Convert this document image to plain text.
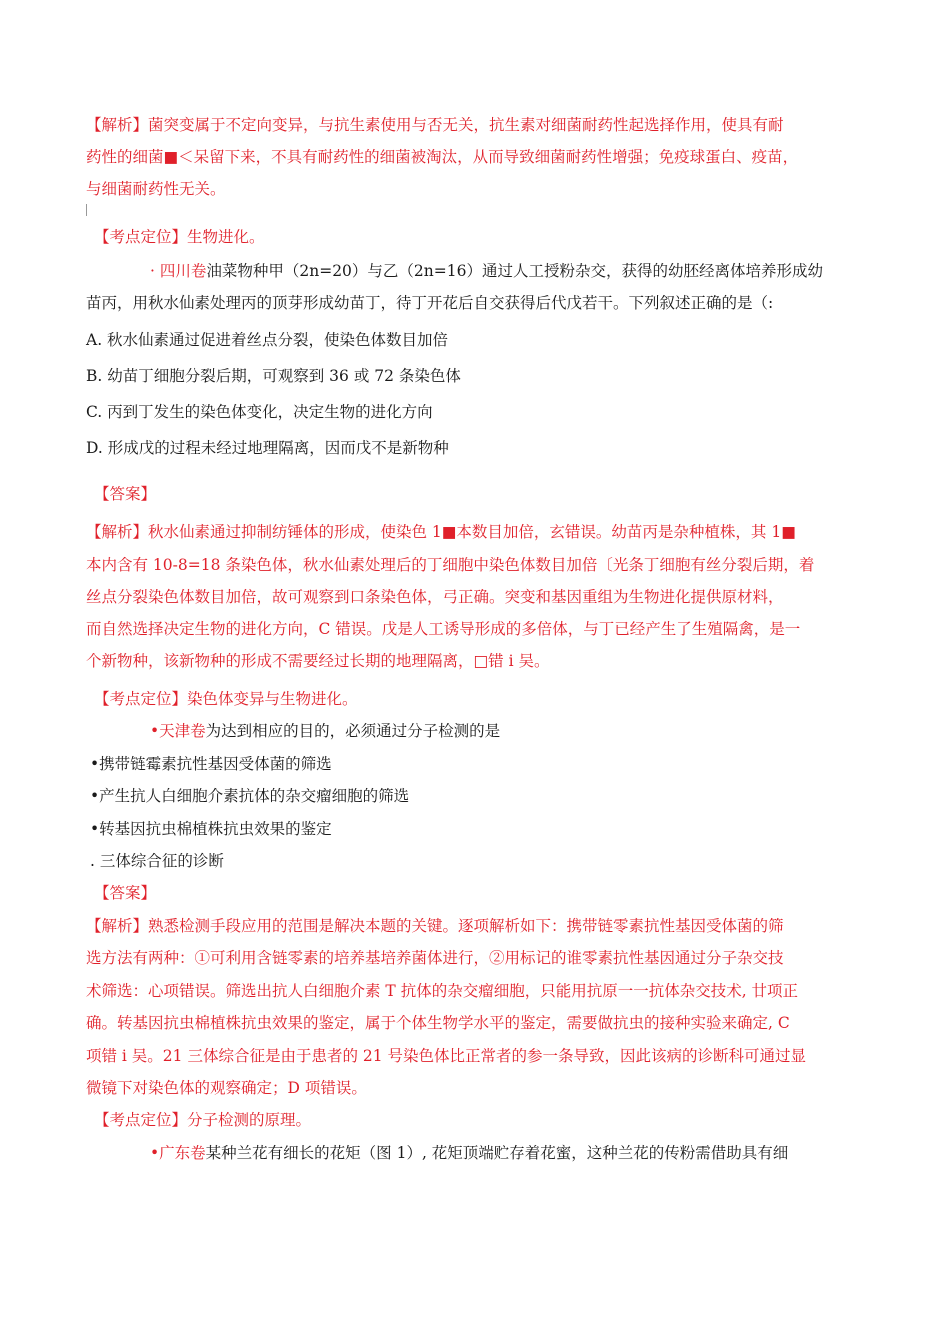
【解析】菌突变属于不定向变异，与抗生素使用与否无关，抗生素对细菌耐药性起选择作用，使具有耐
药性的细菌■＜呆留下来，不具有耐药性的细菌被淘汰，从而导致细菌耐药性增强；免疫球蛋白、疫苗，
与细菌耐药性无关。
【考点定位】生物进化。
· 四川卷油菜物种甲（2n=20）与乙（2n=16）通过人工授粉杂交，获得的幼胚经离体培养形成幼
苗丙，用秋水仙素处理丙的顶芽形成幼苗丁，待丁开花后自交获得后代戊若干。下列叙述正确的是（:
A. 秋水仙素通过促进着丝点分裂，使染色体数目加倍
B. 幼苗丁细胞分裂后期，可观察到 36 或 72 条染色体
C. 丙到丁发生的染色体变化，决定生物的进化方向
D. 形成戊的过程未经过地理隔离，因而戊不是新物种
【答案】
【解析】秋水仙素通过抑制纺锤体的形成，使染色 1■本数目加倍，玄错误。幼苗丙是杂种植株，其 1■
本内含有 10-8=18 条染色体，秋水仙素处理后的丁细胞中染色体数目加倍〔光条丁细胞有丝分裂后期，着
丝点分裂染色体数目加倍，故可观察到口条染色体，弓正确。突变和基因重组为生物进化提供原材料，
而自然选择决定生物的进化方向，C 错误。戊是人工诱导形成的多倍体，与丁已经产生了生殖隔禽，是一
个新物种，该新物种的形成不需要经过长期的地理隔离，□错 i 吴。
【考点定位】染色体变异与生物进化。
•天津卷为达到相应的目的，必须通过分子检测的是
•携带链霉素抗性基因受体菌的筛选
•产生抗人白细胞介素抗体的杂交瘤细胞的筛选
•转基因抗虫棉植株抗虫效果的鉴定
. 三体综合征的诊断
【答案】
【解析】熟悉检测手段应用的范围是解决本题的关键。逐项解析如下：携带链零素抗性基因受体菌的筛
选方法有两种：①可利用含链零素的培养基培养菌体进行，②用标记的谁零素抗性基因通过分子杂交技
术筛选：心项错误。筛选出抗人白细胞介素 T 抗体的杂交瘤细胞，只能用抗原一一抗体杂交技术, 廿项正
确。转基因抗虫棉植株抗虫效果的鉴定，属于个体生物学水平的鉴定，需要做抗虫的接种实验来确定, C
项错 i 吴。21 三体综合征是由于患者的 21 号染色体比正常者的参一条导致，因此该病的诊断科可通过显
微镜下对染色体的观察确定；D 项错误。
【考点定位】分子检测的原理。
•广东卷某种兰花有细长的花矩（图 1）, 花矩顶端贮存着花蜜，这种兰花的传粉需借助具有细
